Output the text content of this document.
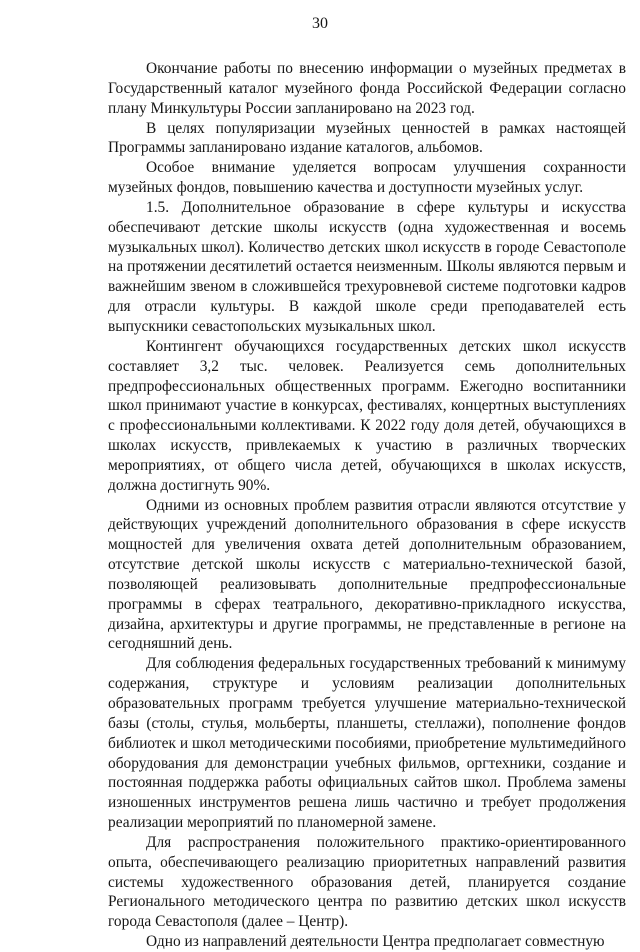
30

Окончание работы по внесению информации о музейных предметах в Государственный каталог музейного фонда Российской Федерации согласно плану Минкультуры России запланировано на 2023 год.

В целях популяризации музейных ценностей в рамках настоящей Программы запланировано издание каталогов, альбомов.

Особое внимание уделяется вопросам улучшения сохранности музейных фондов, повышению качества и доступности музейных услуг.

1.5. Дополнительное образование в сфере культуры и искусства обеспечивают детские школы искусств (одна художественная и восемь музыкальных школ). Количество детских школ искусств в городе Севастополе на протяжении десятилетий остается неизменным. Школы являются первым и важнейшим звеном в сложившейся трехуровневой системе подготовки кадров для отрасли культуры. В каждой школе среди преподавателей есть выпускники севастопольских музыкальных школ.

Контингент обучающихся государственных детских школ искусств составляет 3,2 тыс. человек. Реализуется семь дополнительных предпрофессиональных общественных программ. Ежегодно воспитанники школ принимают участие в конкурсах, фестивалях, концертных выступлениях с профессиональными коллективами. К 2022 году доля детей, обучающихся в школах искусств, привлекаемых к участию в различных творческих мероприятиях, от общего числа детей, обучающихся в школах искусств, должна достигнуть 90%.

Одними из основных проблем развития отрасли являются отсутствие у действующих учреждений дополнительного образования в сфере искусств мощностей для увеличения охвата детей дополнительным образованием, отсутствие детской школы искусств с материально-технической базой, позволяющей реализовывать дополнительные предпрофессиональные программы в сферах театрального, декоративно-прикладного искусства, дизайна, архитектуры и другие программы, не представленные в регионе на сегодняшний день.

Для соблюдения федеральных государственных требований к минимуму содержания, структуре и условиям реализации дополнительных образовательных программ требуется улучшение материально-технической базы (столы, стулья, мольберты, планшеты, стеллажи), пополнение фондов библиотек и школ методическими пособиями, приобретение мультимедийного оборудования для демонстрации учебных фильмов, оргтехники, создание и постоянная поддержка работы официальных сайтов школ. Проблема замены изношенных инструментов решена лишь частично и требует продолжения реализации мероприятий по планомерной замене.

Для распространения положительного практико-ориентированного опыта, обеспечивающего реализацию приоритетных направлений развития системы художественного образования детей, планируется создание Регионального методического центра по развитию детских школ искусств города Севастополя (далее – Центр).

Одно из направлений деятельности Центра предполагает совместную
